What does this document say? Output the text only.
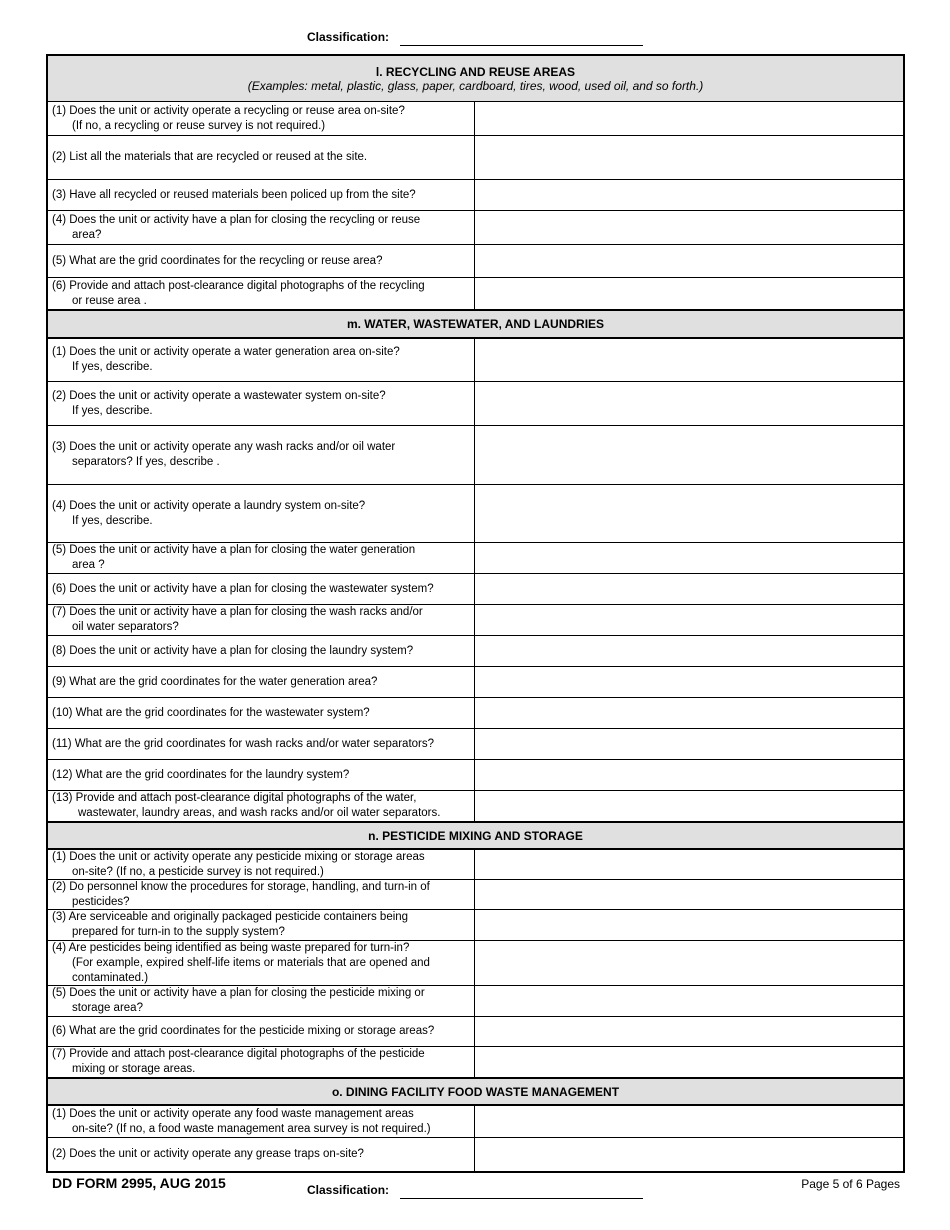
Classification:
l. RECYCLING AND REUSE AREAS
(Examples: metal, plastic, glass, paper, cardboard, tires, wood, used oil, and so forth.)
(1) Does the unit or activity operate a recycling or reuse area on-site?
(If no, a recycling or reuse survey is not required.)
(2) List all the materials that are recycled or reused at the site.
(3) Have all recycled or reused materials been policed up from the site?
(4) Does the unit or activity have a plan for closing the recycling or reuse
area?
(5) What are the grid coordinates for the recycling or reuse area?
(6) Provide and attach post-clearance digital photographs of the recycling
or reuse area .
m. WATER, WASTEWATER, AND LAUNDRIES
(1) Does the unit or activity operate a water generation area on-site?
If yes, describe.
(2) Does the unit or activity operate a wastewater system on-site?
If yes, describe.
(3) Does the unit or activity operate any wash racks and/or oil water
separators? If yes, describe .
(4) Does the unit or activity operate a laundry system on-site?
If yes, describe.
(5) Does the unit or activity have a plan for closing the water generation
area ?
(6) Does the unit or activity have a plan for closing the wastewater system?
(7) Does the unit or activity have a plan for closing the wash racks and/or
oil water separators?
(8) Does the unit or activity have a plan for closing the laundry system?
(9) What are the grid coordinates for the water generation area?
(10) What are the grid coordinates for the wastewater system?
(11) What are the grid coordinates for wash racks and/or water separators?
(12) What are the grid coordinates for the laundry system?
(13) Provide and attach post-clearance digital photographs of the water,
wastewater, laundry areas, and wash racks and/or oil water separators.
n. PESTICIDE MIXING AND STORAGE
(1) Does the unit or activity operate any pesticide mixing or storage areas
on-site? (If no, a pesticide survey is not required.)
(2) Do personnel know the procedures for storage, handling, and turn-in of
pesticides?
(3) Are serviceable and originally packaged pesticide containers being
prepared for turn-in to the supply system?
(4) Are pesticides being identified as being waste prepared for turn-in?
(For example, expired shelf-life items or materials that are opened and
contaminated.)
(5) Does the unit or activity have a plan for closing the pesticide mixing or
storage area?
(6) What are the grid coordinates for the pesticide mixing or storage areas?
(7) Provide and attach post-clearance digital photographs of the pesticide
mixing or storage areas.
o. DINING FACILITY FOOD WASTE MANAGEMENT
(1) Does the unit or activity operate any food waste management areas
on-site? (If no, a food waste management area survey is not required.)
(2) Does the unit or activity operate any grease traps on-site?
DD FORM 2995, AUG 2015	Classification:	Page 5 of 6 Pages
